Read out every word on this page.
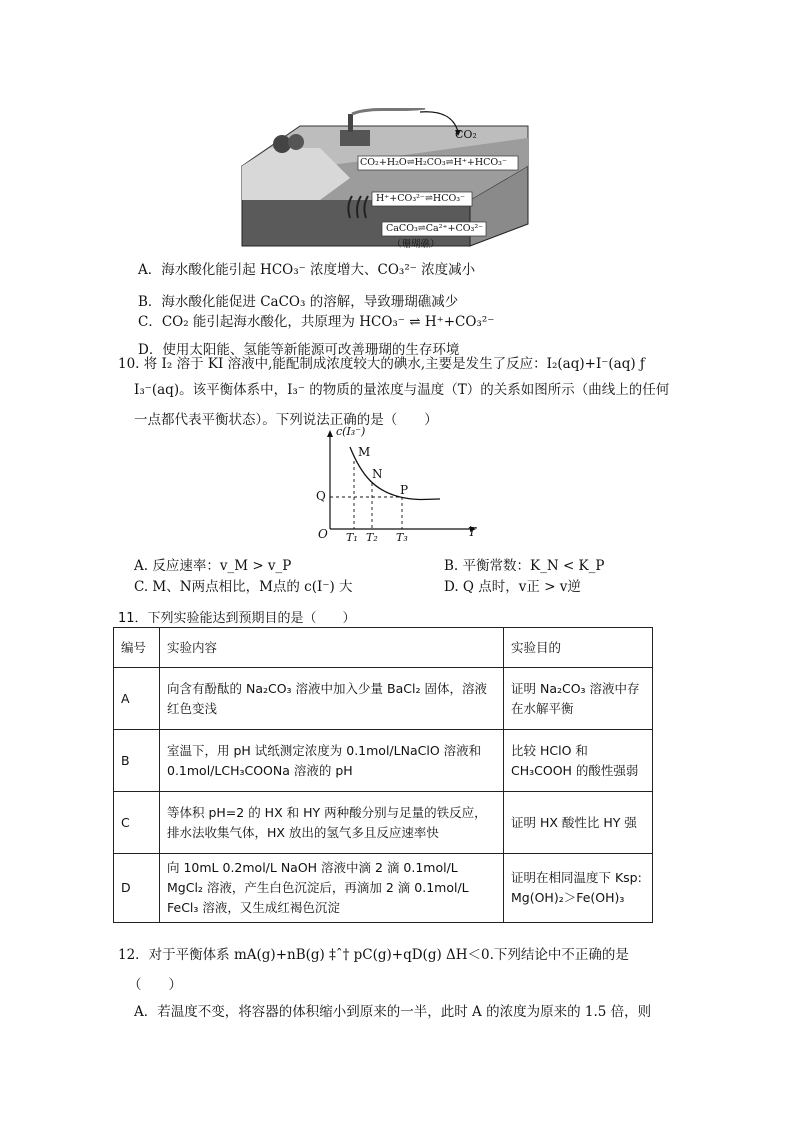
CO₂
CO₂+H₂O⇌H₂CO₃⇌H⁺+HCO₃⁻
H⁺+CO₃²⁻⇌HCO₃⁻
CaCO₃⇌Ca²⁺+CO₃²⁻
（珊瑚礁）
A．海水酸化能引起 HCO₃⁻ 浓度增大、CO₃²⁻ 浓度减小
B．海水酸化能促进 CaCO₃ 的溶解，导致珊瑚礁减少
C．CO₂ 能引起海水酸化，共原理为 HCO₃⁻ ⇌ H⁺+CO₃²⁻
D．使用太阳能、氢能等新能源可改善珊瑚的生存环境
10. 将 I₂ 溶于 KI 溶液中,能配制成浓度较大的碘水,主要是发生了反应：I₂(aq)+I⁻(aq) ƒ
I₃⁻(aq)。该平衡体系中，I₃⁻ 的物质的量浓度与温度（T）的关系如图所示（曲线上的任何
一点都代表平衡状态）。下列说法正确的是（　　）
c(I₃⁻)
T
O
M
N
P
Q
T₁ T₂ T₃
A. 反应速率：v_M > v_P	B. 平衡常数：K_N < K_P
C. M、N两点相比，M点的 c(I⁻) 大	D. Q 点时，v正 > v逆
11．下列实验能达到预期目的是（　　）
编号	实验内容	实验目的
A	向含有酚酞的 Na₂CO₃ 溶液中加入少量 BaCl₂ 固体，溶液红色变浅	证明 Na₂CO₃ 溶液中存在水解平衡
B	室温下，用 pH 试纸测定浓度为 0.1mol/LNaClO 溶液和 0.1mol/LCH₃COONa 溶液的 pH	比较 HClO 和 CH₃COOH 的酸性强弱
C	等体积 pH=2 的 HX 和 HY 两种酸分别与足量的铁反应，排水法收集气体，HX 放出的氢气多且反应速率快	证明 HX 酸性比 HY 强
D	向 10mL 0.2mol/L NaOH 溶液中滴 2 滴 0.1mol/L MgCl₂ 溶液，产生白色沉淀后，再滴加 2 滴 0.1mol/L FeCl₃ 溶液，又生成红褐色沉淀	证明在相同温度下 Ksp: Mg(OH)₂＞Fe(OH)₃
12．对于平衡体系 mA(g)+nB(g) ‡ˆ† pC(g)+qD(g) ΔH＜0.下列结论中不正确的是
（　　）
A．若温度不变，将容器的体积缩小到原来的一半，此时 A 的浓度为原来的 1.5 倍，则
